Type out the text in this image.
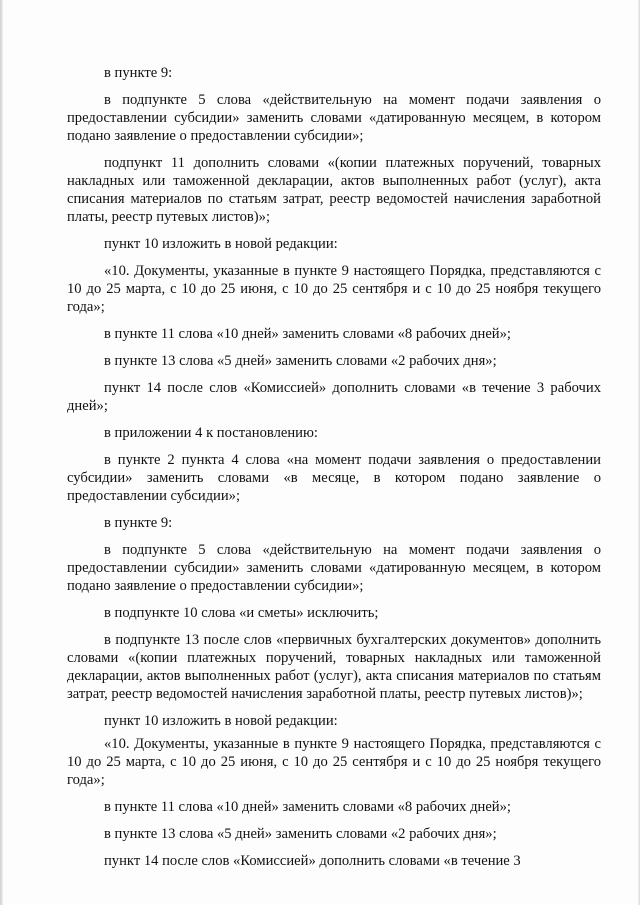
в пункте 9:

в подпункте 5 слова «действительную на момент подачи заявления о предоставлении субсидии» заменить словами «датированную месяцем, в котором подано заявление о предоставлении субсидии»;

подпункт 11 дополнить словами «(копии платежных поручений, товарных накладных или таможенной декларации, актов выполненных работ (услуг), акта списания материалов по статьям затрат, реестр ведомостей начисления заработной платы, реестр путевых листов)»;

пункт 10 изложить в новой редакции:

«10. Документы, указанные в пункте 9 настоящего Порядка, представляются с 10 до 25 марта, с 10 до 25 июня, с 10 до 25 сентября и с 10 до 25 ноября текущего года»;

в пункте 11 слова «10 дней» заменить словами «8 рабочих дней»;

в пункте 13 слова «5 дней» заменить словами «2 рабочих дня»;

пункт 14 после слов «Комиссией» дополнить словами «в течение 3 рабочих дней»;

в приложении 4 к постановлению:

в пункте 2 пункта 4 слова «на момент подачи заявления о предоставлении субсидии» заменить словами «в месяце, в котором подано заявление о предоставлении субсидии»;

в пункте 9:

в подпункте 5 слова «действительную на момент подачи заявления о предоставлении субсидии» заменить словами «датированную месяцем, в котором подано заявление о предоставлении субсидии»;

в подпункте 10 слова «и сметы» исключить;

в подпункте 13 после слов «первичных бухгалтерских документов» дополнить словами «(копии платежных поручений, товарных накладных или таможенной декларации, актов выполненных работ (услуг), акта списания материалов по статьям затрат, реестр ведомостей начисления заработной платы, реестр путевых листов)»;

пункт 10 изложить в новой редакции:

«10. Документы, указанные в пункте 9 настоящего Порядка, представляются с 10 до 25 марта, с 10 до 25 июня, с 10 до 25 сентября и с 10 до 25 ноября текущего года»;

в пункте 11 слова «10 дней» заменить словами «8 рабочих дней»;

в пункте 13 слова «5 дней» заменить словами «2 рабочих дня»;

пункт 14 после слов «Комиссией» дополнить словами «в течение 3
